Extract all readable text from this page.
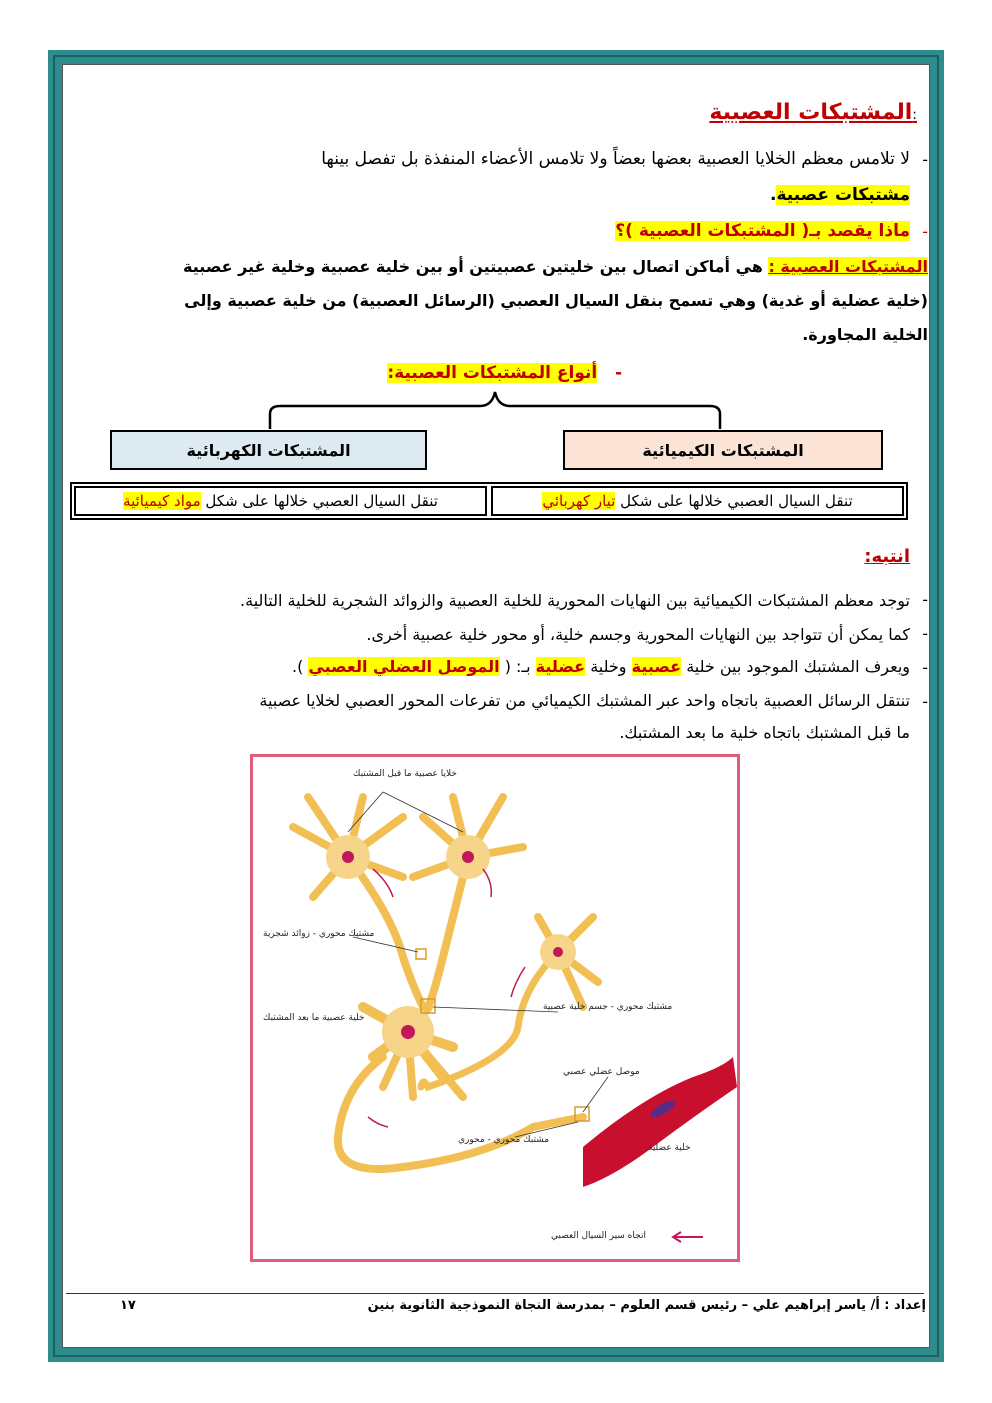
المشتبكات العصبية:
-
لا تلامس معظم الخلايا العصبية بعضها بعضاً ولا تلامس الأعضاء المنفذة بل تفصل بينها
مشتبكات عصبية.
-
ماذا يقصد بـ( المشتبكات العصبية )؟
المشتبكات العصبية : هي أماكن اتصال بين خليتين عصبيتين أو بين خلية عصبية وخلية غير عصبية
(خلية عضلية أو غدية) وهي تسمح بنقل السيال العصبي (الرسائل العصبية) من خلية عصبية وإلى
الخلية المجاورة.
-   أنواع المشتبكات العصبية:
المشتبكات الكيميائية
المشتبكات الكهربائية
تنقل السيال العصبي خلالها على شكل

مواد كيميائية	تنقل السيال العصبي خلالها على شكل

تيار كهربائي
انتبه:
-
توجد معظم المشتبكات الكيميائية بين النهايات المحورية للخلية العصبية والزوائد الشجرية للخلية التالية.
-
كما يمكن أن تتواجد بين النهايات المحورية وجسم خلية، أو محور خلية عصبية أخرى.
-
ويعرف المشتبك الموجود بين خلية عصبية وخلية عضلية بـ: ( الموصل العضلي العصبي ).
-
تنتقل الرسائل العصبية باتجاه واحد عبر المشتبك الكيميائي من تفرعات المحور العصبي لخلايا عصبية
ما قبل المشتبك باتجاه خلية ما بعد المشتبك.
خلايا عصبية ما قبل المشتبك
مشتبك محوري - زوائد شجرية
خلية عصبية ما بعد المشتبك
مشتبك محوري - جسم خلية عصبية
موصل عضلي عصبي
خلية عضلية
مشتبك محوري - محوري
اتجاه سير السيال العصبي
إعداد : أ/ ياسر إبراهيم علي – رئيس قسم العلوم – بمدرسة النجاة النموذجية الثانوية بنين
١٧
